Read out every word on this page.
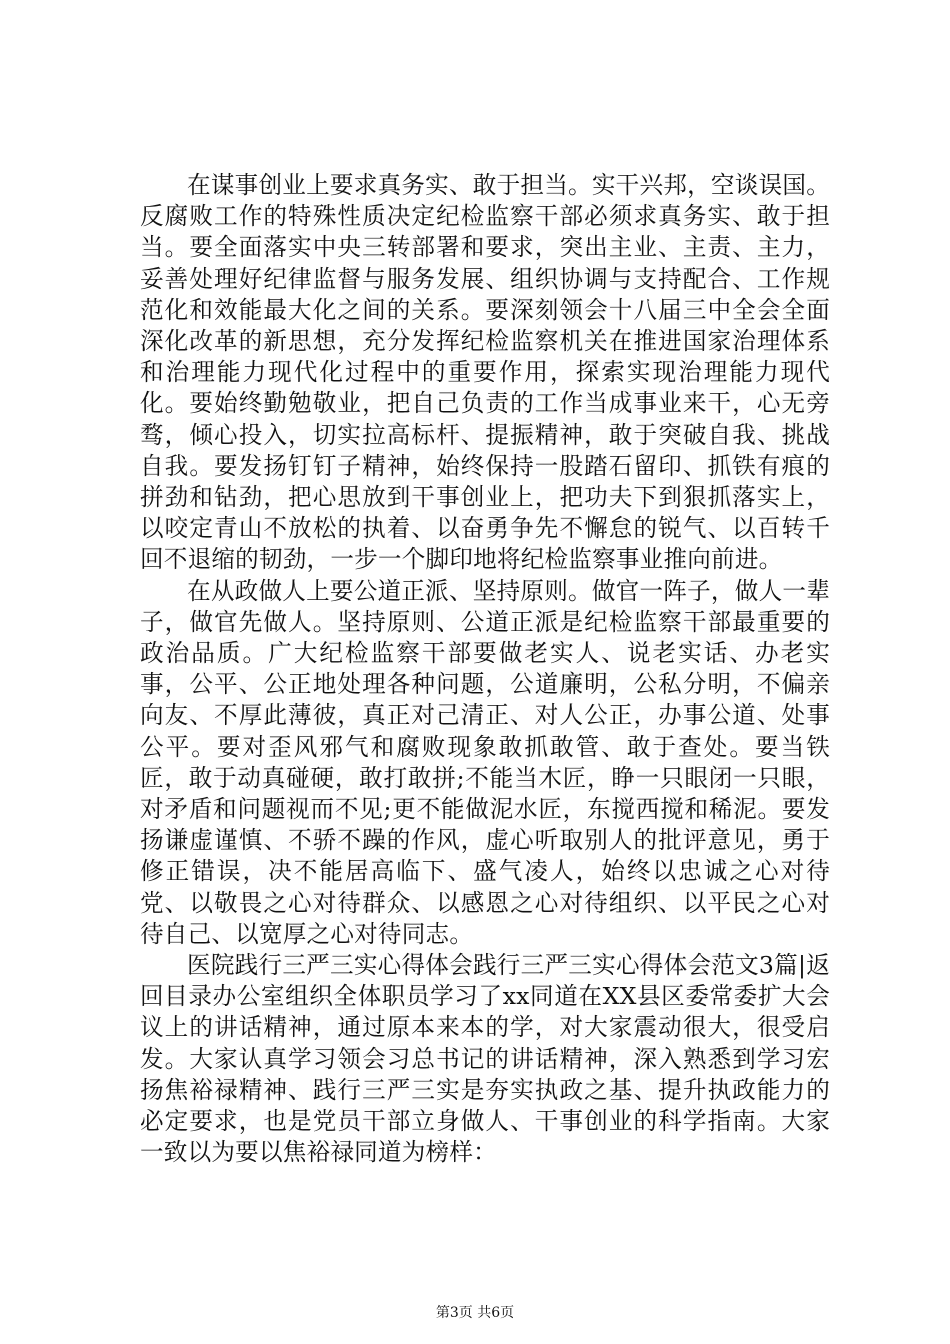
在谋事创业上要求真务实、敢于担当。实干兴邦，空谈误国。反腐败工作的特殊性质决定纪检监察干部必须求真务实、敢于担当。要全面落实中央三转部署和要求，突出主业、主责、主力，妥善处理好纪律监督与服务发展、组织协调与支持配合、工作规范化和效能最大化之间的关系。要深刻领会十八届三中全会全面深化改革的新思想，充分发挥纪检监察机关在推进国家治理体系和治理能力现代化过程中的重要作用，探索实现治理能力现代化。要始终勤勉敬业，把自己负责的工作当成事业来干，心无旁骛，倾心投入，切实拉高标杆、提振精神，敢于突破自我、挑战自我。要发扬钉钉子精神，始终保持一股踏石留印、抓铁有痕的拼劲和钻劲，把心思放到干事创业上，把功夫下到狠抓落实上，以咬定青山不放松的执着、以奋勇争先不懈怠的锐气、以百转千回不退缩的韧劲，一步一个脚印地将纪检监察事业推向前进。

在从政做人上要公道正派、坚持原则。做官一阵子，做人一辈子，做官先做人。坚持原则、公道正派是纪检监察干部最重要的政治品质。广大纪检监察干部要做老实人、说老实话、办老实事，公平、公正地处理各种问题，公道廉明，公私分明，不偏亲向友、不厚此薄彼，真正对己清正、对人公正，办事公道、处事公平。要对歪风邪气和腐败现象敢抓敢管、敢于查处。要当铁匠，敢于动真碰硬，敢打敢拼;不能当木匠，睁一只眼闭一只眼，对矛盾和问题视而不见;更不能做泥水匠，东搅西搅和稀泥。要发扬谦虚谨慎、不骄不躁的作风，虚心听取别人的批评意见，勇于修正错误，决不能居高临下、盛气凌人，始终以忠诚之心对待党、以敬畏之心对待群众、以感恩之心对待组织、以平民之心对待自己、以宽厚之心对待同志。

医院践行三严三实心得体会践行三严三实心得体会范文3篇|返回目录办公室组织全体职员学习了xx同道在XX县区委常委扩大会议上的讲话精神，通过原本来本的学，对大家震动很大，很受启发。大家认真学习领会习总书记的讲话精神，深入熟悉到学习宏扬焦裕禄精神、践行三严三实是夯实执政之基、提升执政能力的必定要求，也是党员干部立身做人、干事创业的科学指南。大家一致以为要以焦裕禄同道为榜样：

第3页 共6页
